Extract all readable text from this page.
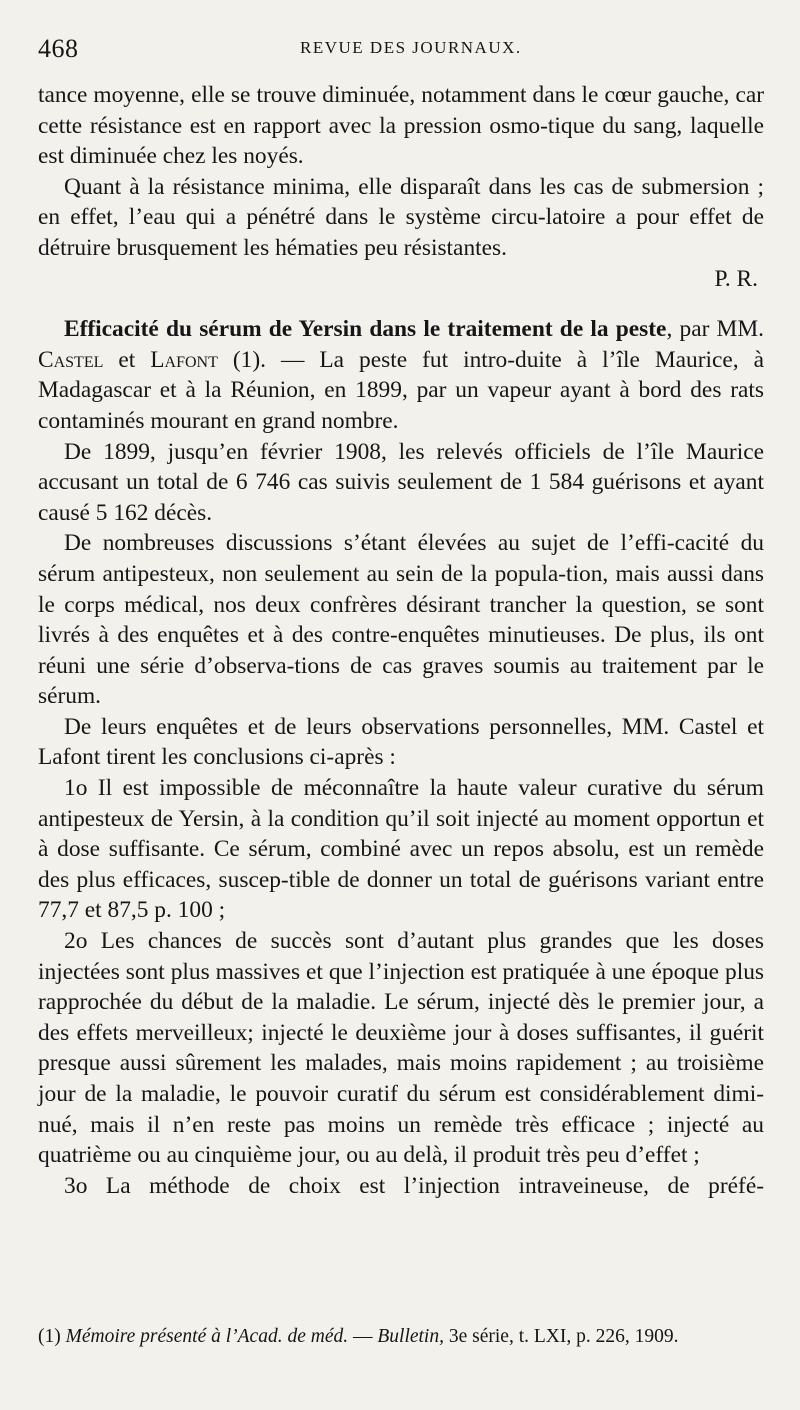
468	REVUE DES JOURNAUX.

tance moyenne, elle se trouve diminuée, notamment dans le cœur gauche, car cette résistance est en rapport avec la pression osmo-tique du sang, laquelle est diminuée chez les noyés.

Quant à la résistance minima, elle disparaît dans les cas de submersion ; en effet, l’eau qui a pénétré dans le système circu-latoire a pour effet de détruire brusquement les hématies peu résistantes.

P. R.

Efficacité du sérum de Yersin dans le traitement de la peste, par MM. Castel et Lafont (1). — La peste fut intro-duite à l’île Maurice, à Madagascar et à la Réunion, en 1899, par un vapeur ayant à bord des rats contaminés mourant en grand nombre.

De 1899, jusqu’en février 1908, les relevés officiels de l’île Maurice accusant un total de 6 746 cas suivis seulement de 1 584 guérisons et ayant causé 5 162 décès.

De nombreuses discussions s’étant élevées au sujet de l’effi-cacité du sérum antipesteux, non seulement au sein de la popula-tion, mais aussi dans le corps médical, nos deux confrères désirant trancher la question, se sont livrés à des enquêtes et à des contre-enquêtes minutieuses. De plus, ils ont réuni une série d’observa-tions de cas graves soumis au traitement par le sérum.

De leurs enquêtes et de leurs observations personnelles, MM. Castel et Lafont tirent les conclusions ci-après :

1o Il est impossible de méconnaître la haute valeur curative du sérum antipesteux de Yersin, à la condition qu’il soit injecté au moment opportun et à dose suffisante. Ce sérum, combiné avec un repos absolu, est un remède des plus efficaces, suscep-tible de donner un total de guérisons variant entre 77,7 et 87,5 p. 100 ;

2o Les chances de succès sont d’autant plus grandes que les doses injectées sont plus massives et que l’injection est pratiquée à une époque plus rapprochée du début de la maladie. Le sérum, injecté dès le premier jour, a des effets merveilleux; injecté le deuxième jour à doses suffisantes, il guérit presque aussi sûrement les malades, mais moins rapidement ; au troisième jour de la maladie, le pouvoir curatif du sérum est considérablement dimi-nué, mais il n’en reste pas moins un remède très efficace ; injecté au quatrième ou au cinquième jour, ou au delà, il produit très peu d’effet ;

3o La méthode de choix est l’injection intraveineuse, de préfé-

(1) Mémoire présenté à l’Acad. de méd. — Bulletin, 3e série, t. LXI, p. 226, 1909.
